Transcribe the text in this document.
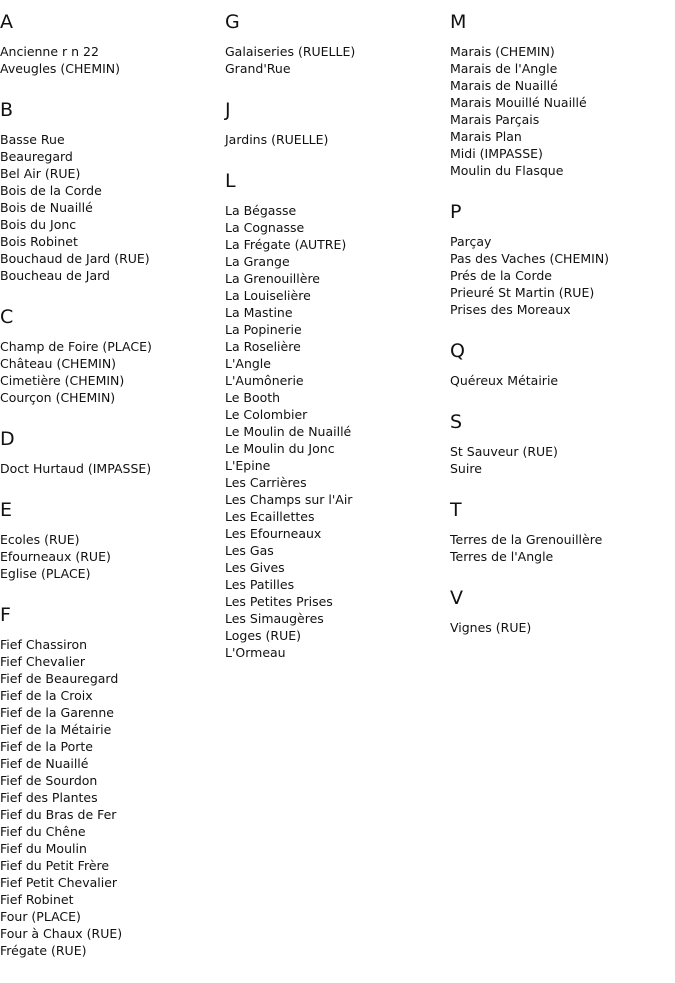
A
Ancienne r n 22
Aveugles (CHEMIN)
B
Basse Rue
Beauregard
Bel Air (RUE)
Bois de la Corde
Bois de Nuaillé
Bois du Jonc
Bois Robinet
Bouchaud de Jard (RUE)
Boucheau de Jard
C
Champ de Foire (PLACE)
Château (CHEMIN)
Cimetière (CHEMIN)
Courçon (CHEMIN)
D
Doct Hurtaud (IMPASSE)
E
Ecoles (RUE)
Efourneaux (RUE)
Eglise (PLACE)
F
Fief Chassiron
Fief Chevalier
Fief de Beauregard
Fief de la Croix
Fief de la Garenne
Fief de la Métairie
Fief de la Porte
Fief de Nuaillé
Fief de Sourdon
Fief des Plantes
Fief du Bras de Fer
Fief du Chêne
Fief du Moulin
Fief du Petit Frère
Fief Petit Chevalier
Fief Robinet
Four (PLACE)
Four à Chaux (RUE)
Frégate (RUE)
G
Galaiseries (RUELLE)
Grand'Rue
J
Jardins (RUELLE)
L
La Bégasse
La Cognasse
La Frégate (AUTRE)
La Grange
La Grenouillère
La Louiselière
La Mastine
La Popinerie
La Roselière
L'Angle
L'Aumônerie
Le Booth
Le Colombier
Le Moulin de Nuaillé
Le Moulin du Jonc
L'Epine
Les Carrières
Les Champs sur l'Air
Les Ecaillettes
Les Efourneaux
Les Gas
Les Gives
Les Patilles
Les Petites Prises
Les Simaugères
Loges (RUE)
L'Ormeau
M
Marais (CHEMIN)
Marais de l'Angle
Marais de Nuaillé
Marais Mouillé Nuaillé
Marais Parçais
Marais Plan
Midi (IMPASSE)
Moulin du Flasque
P
Parçay
Pas des Vaches (CHEMIN)
Prés de la Corde
Prieuré St Martin (RUE)
Prises des Moreaux
Q
Quéreux Métairie
S
St Sauveur (RUE)
Suire
T
Terres de la Grenouillère
Terres de l'Angle
V
Vignes (RUE)
